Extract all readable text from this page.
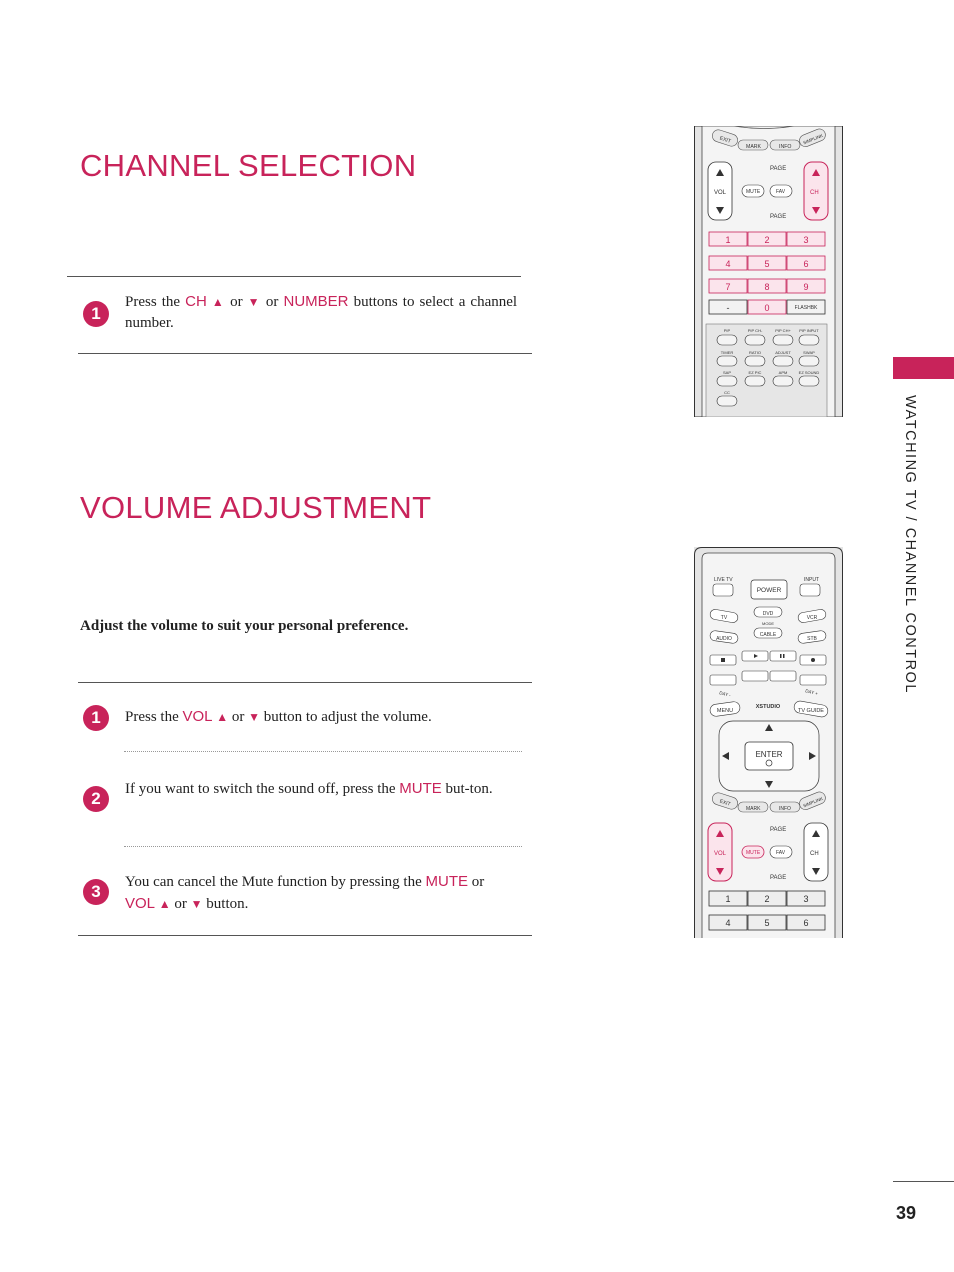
CHANNEL SELECTION
1

Press the CH ▲ or ▼ or NUMBER buttons to select a channel number.

VOLUME ADJUSTMENT

Adjust the volume to suit your personal preference.

1	Press the VOL ▲ or ▼ button to adjust the volume.

2	If you want to switch the sound off, press the MUTE but-ton.

3	You can cancel the Mute function by pressing the MUTE or VOL ▲ or ▼ button.

WATCHING TV / CHANNEL CONTROL
39
EXIT
MARK	INFO
SIMPLINK
VOL	MUTE	FAV
PAGE
PAGE
CH
1	2	3
4	5	6
7	8	9
-	0	FLASHBK
PIP	PIP CH-	PIP CH+ PIP INPUT
TIMER	RATIO	ADJUST	SWAP
SAP	EZ PIC	APM	EZ SOUND
CC
LIVE TV	INPUT
POWER
TV
DVD
VCR
MODE
AUDIO
CABLE
STB
DAY -	DAY +
MENU
XSTUDIO
TV GUIDE
ENTER
EXIT
MARK	INFO
SIMPLINK
VOL	MUTE	FAV
PAGE
PAGE
CH
1	2	3
4	5	6
